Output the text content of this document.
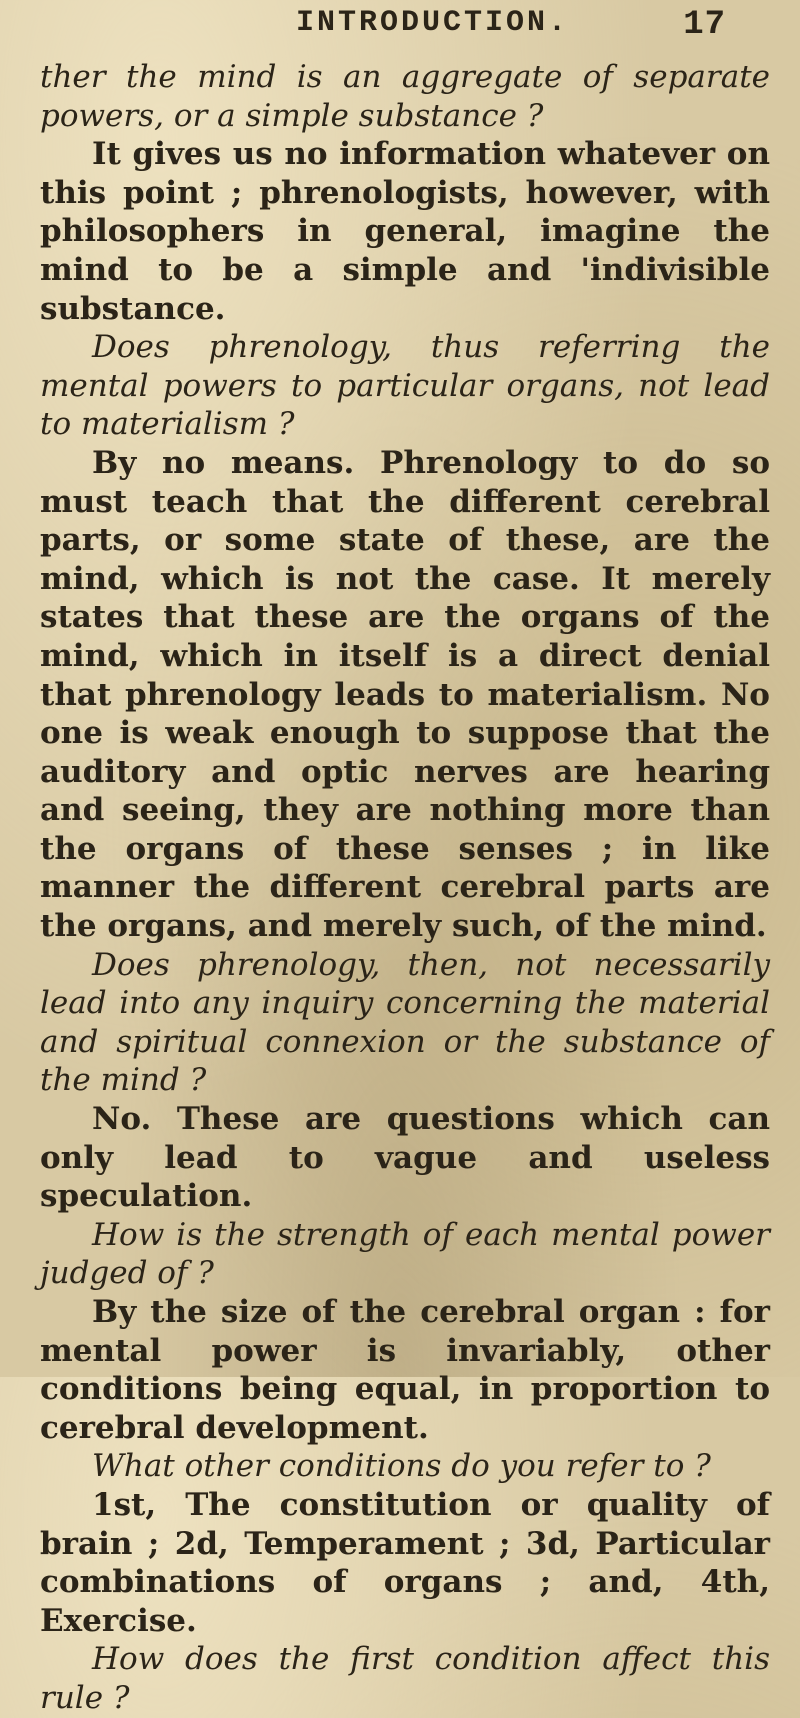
INTRODUCTION.	17

ther the mind is an aggregate of separate powers, or a simple substance ?

It gives us no information whatever on this point ; phrenologists, however, with philosophers in general, imagine the mind to be a simple and 'indivisible substance.

Does phrenology, thus referring the mental powers to particular organs, not lead to materialism ?

By no means. Phrenology to do so must teach that the different cerebral parts, or some state of these, are the mind, which is not the case. It merely states that these are the organs of the mind, which in itself is a direct denial that phrenology leads to materialism. No one is weak enough to suppose that the auditory and optic nerves are hearing and seeing, they are nothing more than the organs of these senses ; in like manner the different cerebral parts are the organs, and merely such, of the mind.

Does phrenology, then, not necessarily lead into any inquiry concerning the material and spiritual connexion or the substance of the mind ?

No. These are questions which can only lead to vague and useless speculation.

How is the strength of each mental power judged of ?

By the size of the cerebral organ : for mental power is invariably, other conditions being equal, in proportion to cerebral development.

What other conditions do you refer to ?

1st, The constitution or quality of brain ; 2d, Temperament ; 3d, Particular combinations of organs ; and, 4th, Exercise.

How does the first condition affect this rule ?
